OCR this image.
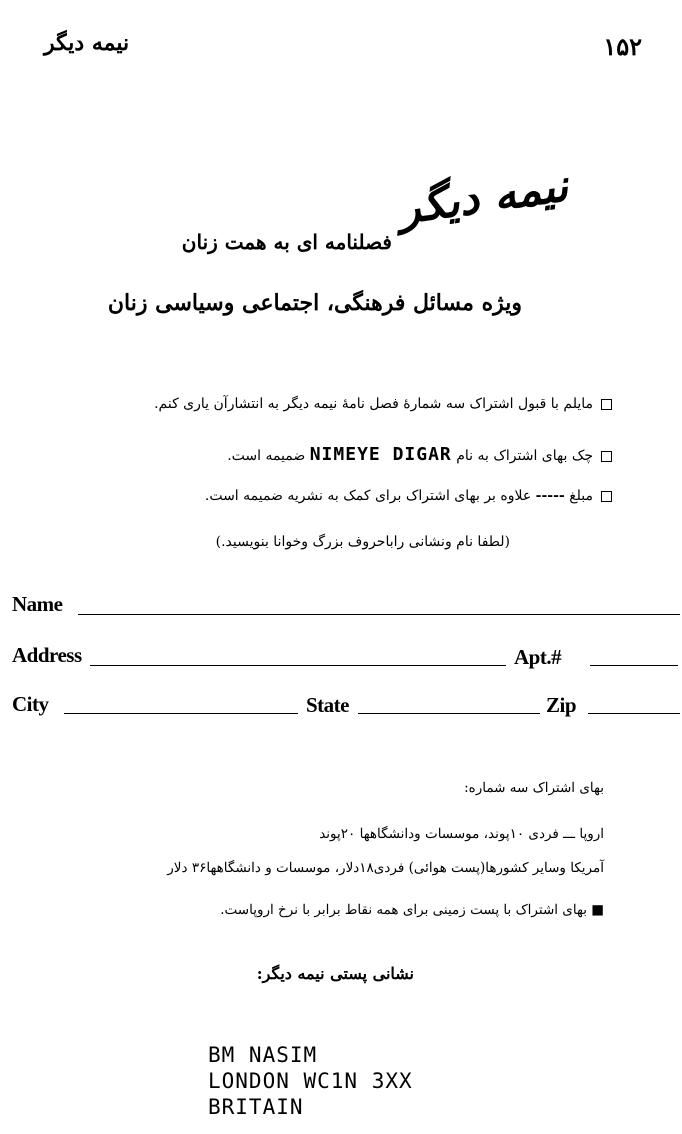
۱۵۲
نیمه دیگر
نیمه دیگر
فصلنامه ای به همت زنان
ویژه مسائل فرهنگی، اجتماعی وسیاسی زنان
مایلم با قبول اشتراک سه شمارهٔ فصل نامهٔ نیمه دیگر به انتشارآن یاری کنم.
چک بهای اشتراک به نام NIMEYE DIGAR ضمیمه است.
مبلغ ----- علاوه بر بهای اشتراک برای کمک به نشریه ضمیمه است.
(لطفا نام ونشانی راباحروف بزرگ وخوانا بنویسید.)
Name
Address	Apt.#
City	State	Zip
بهای اشتراک سه شماره:
اروپا ـــ فردی ۱۰پوند، موسسات ودانشگاهها ۲۰پوند
آمریکا وسایر کشورها(پست هوائی) فردی۱۸دلار، موسسات و دانشگاهها۳۶ دلار
■ بهای اشتراک با پست زمینی برای همه نقاط برابر با نرخ اروپاست.
نشانی پستی نیمه دیگر:
BM NASIM
LONDON WC1N 3XX
BRITAIN
